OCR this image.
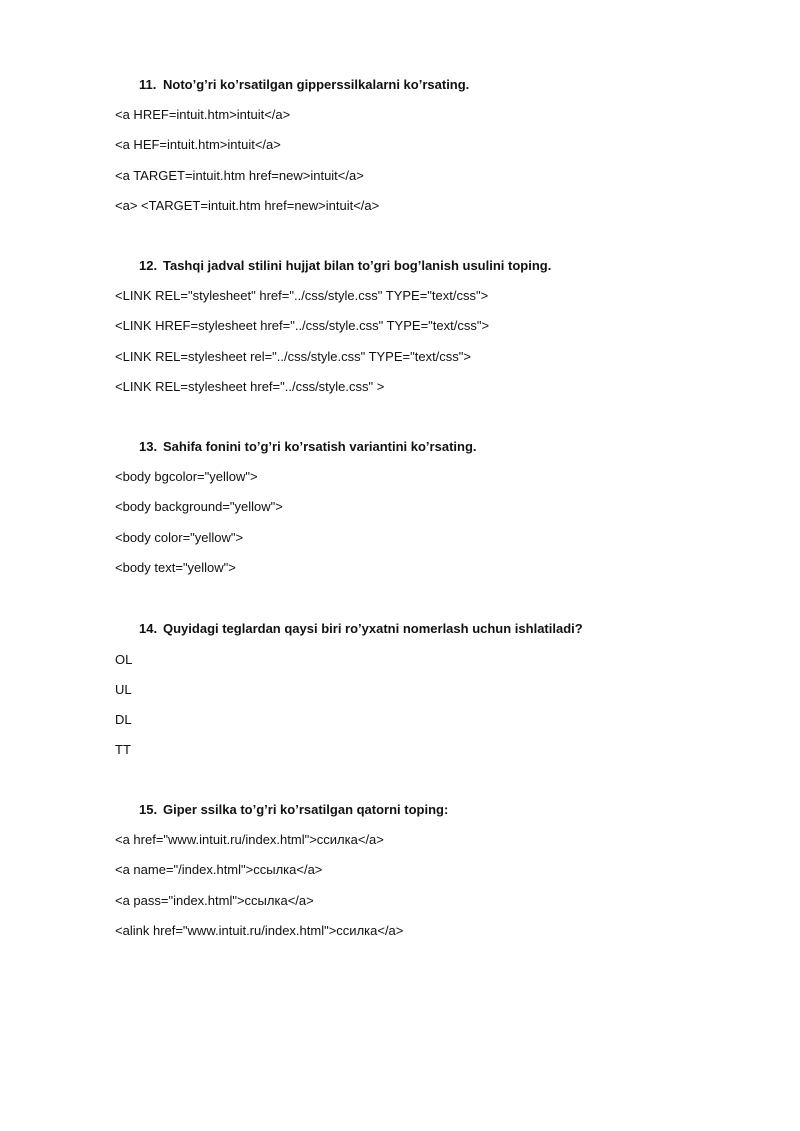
11. Noto’g’ri ko’rsatilgan gipperssilkalarni ko’rsating.
<a HREF=intuit.htm>intuit</a>
<a HEF=intuit.htm>intuit</a>
<a TARGET=intuit.htm href=new>intuit</a>
<a> <TARGET=intuit.htm href=new>intuit</a>
12. Tashqi jadval stilini hujjat bilan to’gri bog’lanish usulini toping.
<LINK REL="stylesheet" href="../css/style.css" TYPE="text/css">
<LINK HREF=stylesheet href="../css/style.css" TYPE="text/css">
<LINK REL=stylesheet rel="../css/style.css" TYPE="text/css">
<LINK REL=stylesheet href="../css/style.css" >
13. Sahifa fonini to’g’ri ko’rsatish variantini ko’rsating.
<body bgcolor="yellow">
<body background="yellow">
<body color="yellow">
<body text="yellow">
14. Quyidagi teglardan qaysi biri ro’yxatni nomerlash uchun ishlatiladi?
OL
UL
DL
TT
15. Giper ssilka to’g’ri ko’rsatilgan qatorni toping:
<a href="www.intuit.ru/index.html">ссилка</a>
<a name="/index.html">ссылка</a>
<a pass="index.html">ссылка</a>
<alink href="www.intuit.ru/index.html">ссилка</a>
